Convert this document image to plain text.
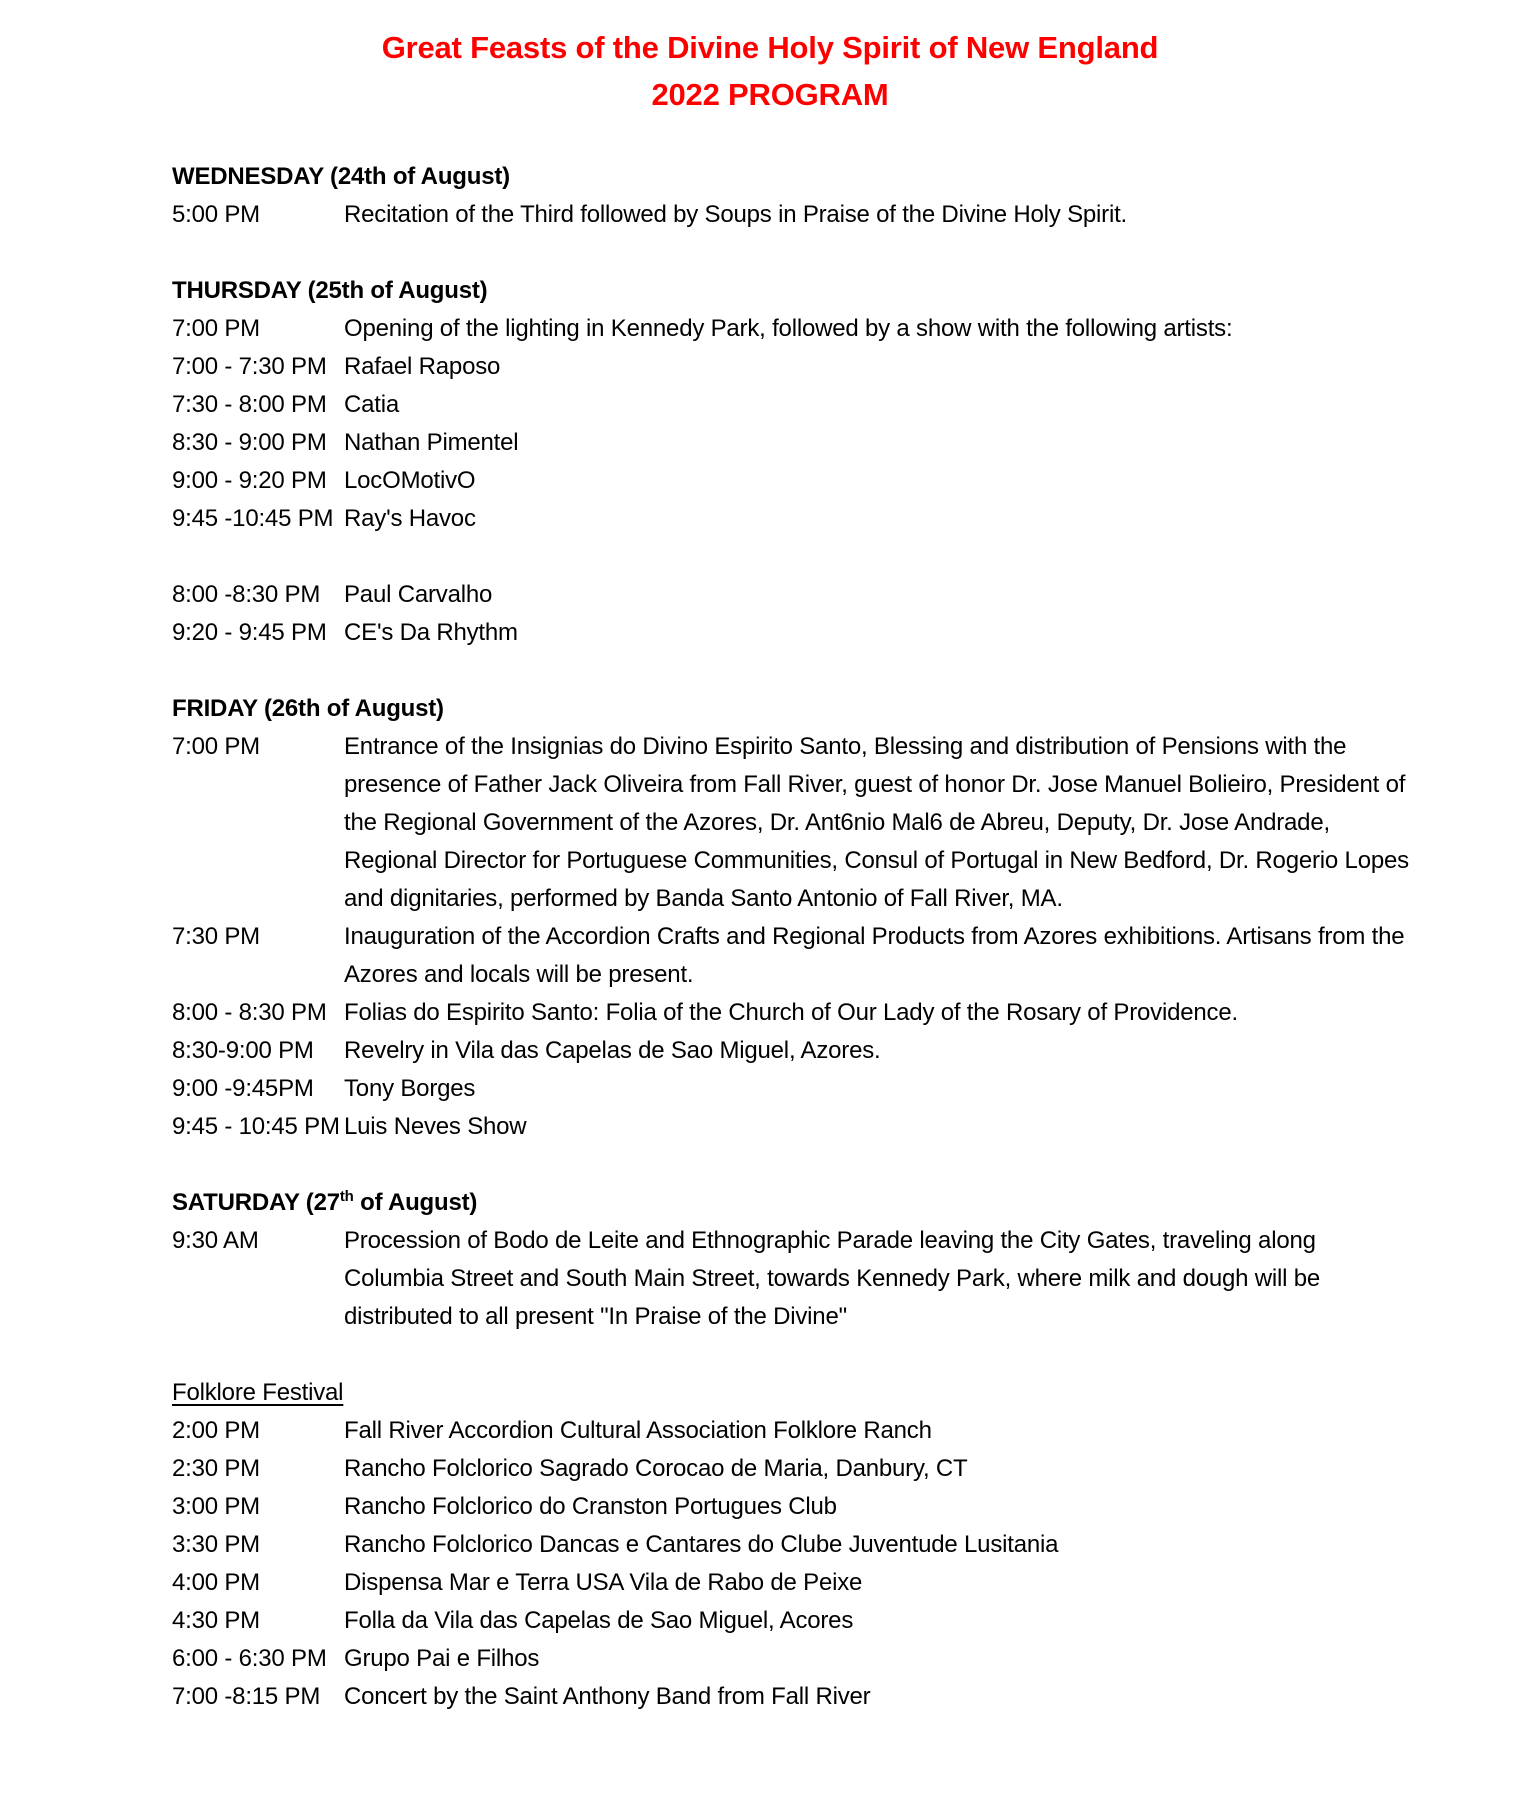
Great Feasts of the Divine Holy Spirit of New England
2022 PROGRAM
WEDNESDAY (24th of August)
5:00 PM	Recitation of the Third followed by Soups in Praise of the Divine Holy Spirit.
THURSDAY (25th of August)
7:00 PM	Opening of the lighting in Kennedy Park, followed by a show with the following artists:
7:00 - 7:30 PM Rafael Raposo
7:30 - 8:00 PM Catia
8:30 - 9:00 PM Nathan Pimentel
9:00 - 9:20 PM LocOMotivO
9:45 -10:45 PM Ray's Havoc
8:00 -8:30 PM Paul Carvalho
9:20 - 9:45 PM CE's Da Rhythm
FRIDAY (26th of August)
7:00 PM	Entrance of the Insignias do Divino Espirito Santo, Blessing and distribution of Pensions with the presence of Father Jack Oliveira from Fall River, guest of honor Dr. Jose Manuel Bolieiro, President of the Regional Government of the Azores, Dr. Ant6nio Mal6 de Abreu, Deputy, Dr. Jose Andrade, Regional Director for Portuguese Communities, Consul of Portugal in New Bedford, Dr. Rogerio Lopes and dignitaries, performed by Banda Santo Antonio of Fall River, MA.
7:30 PM	Inauguration of the Accordion Crafts and Regional Products from Azores exhibitions. Artisans from the Azores and locals will be present.
8:00 - 8:30 PM Folias do Espirito Santo: Folia of the Church of Our Lady of the Rosary of Providence.
8:30-9:00 PM	Revelry in Vila das Capelas de Sao Miguel, Azores.
9:00 -9:45PM	Tony Borges
9:45 - 10:45 PM Luis Neves Show
SATURDAY (27th of August)
9:30 AM	Procession of Bodo de Leite and Ethnographic Parade leaving the City Gates, traveling along Columbia Street and South Main Street, towards Kennedy Park, where milk and dough will be distributed to all present "In Praise of the Divine"
Folklore Festival
2:00 PM	Fall River Accordion Cultural Association Folklore Ranch
2:30 PM	Rancho Folclorico Sagrado Corocao de Maria, Danbury, CT
3:00 PM	Rancho Folclorico do Cranston Portugues Club
3:30 PM	Rancho Folclorico Dancas e Cantares do Clube Juventude Lusitania
4:00 PM	Dispensa Mar e Terra USA Vila de Rabo de Peixe
4:30 PM	Folla da Vila das Capelas de Sao Miguel, Acores
6:00 - 6:30 PM Grupo Pai e Filhos
7:00 -8:15 PM Concert by the Saint Anthony Band from Fall River
